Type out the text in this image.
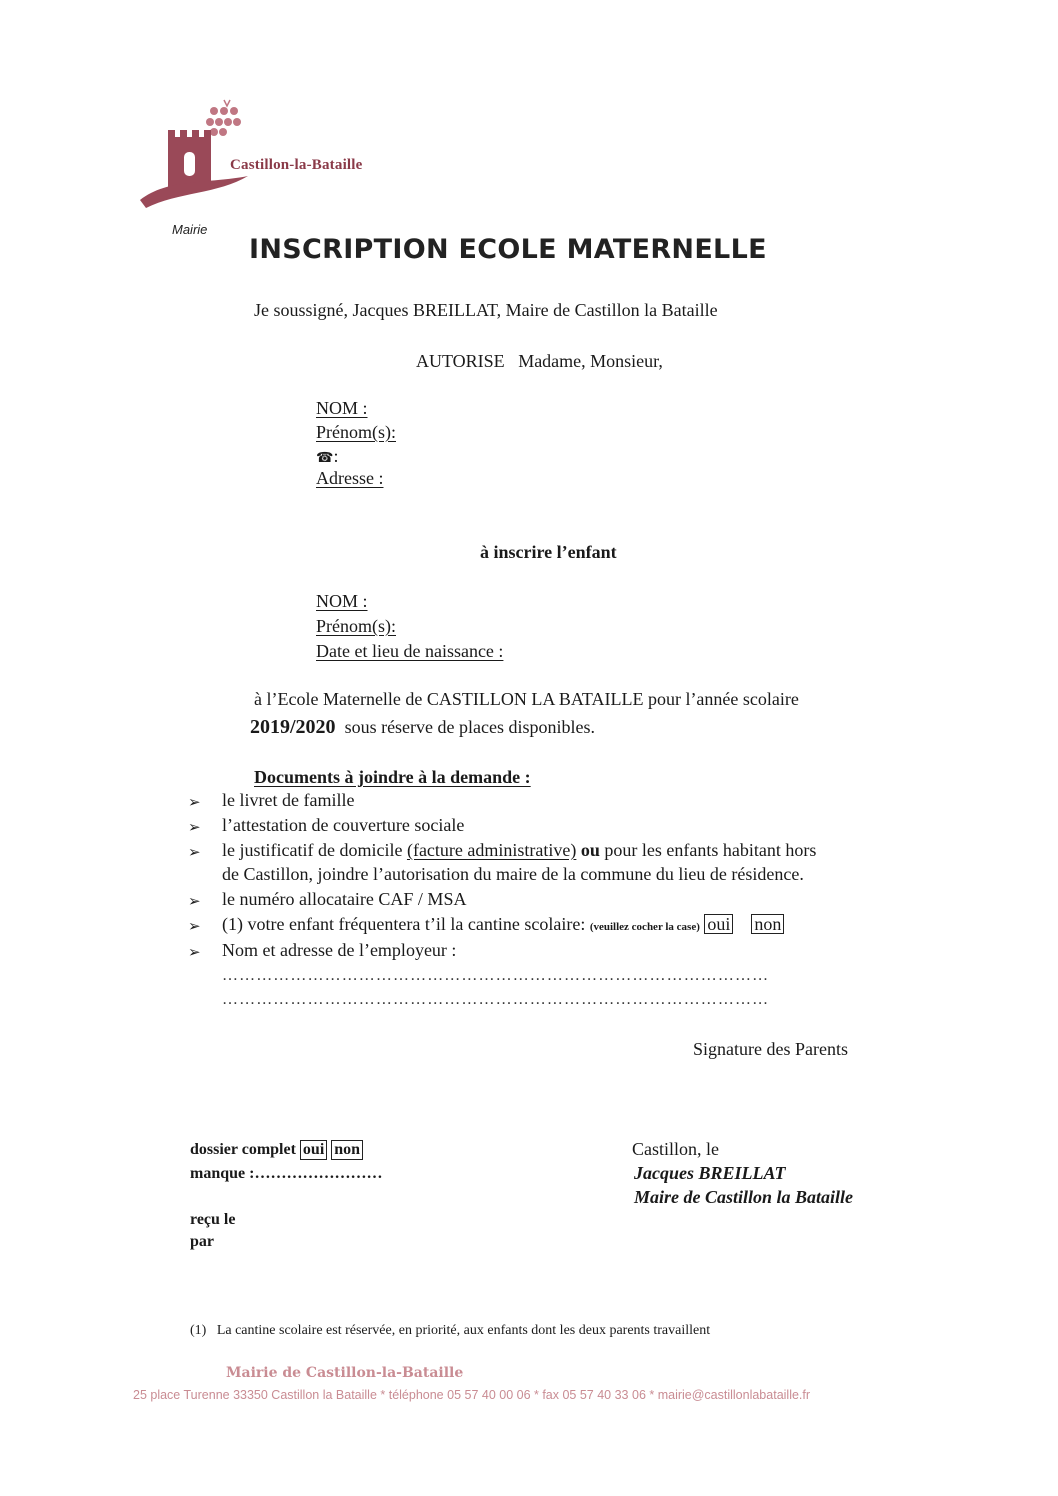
Castillon-la-Bataille
Mairie
INSCRIPTION ECOLE MATERNELLE
Je soussigné, Jacques BREILLAT, Maire de Castillon la Bataille
AUTORISE Madame, Monsieur,
NOM :
Prénom(s):
☎:
Adresse :
à inscrire l’enfant
NOM :
Prénom(s):
Date et lieu de naissance :
à l’Ecole Maternelle de CASTILLON LA BATAILLE pour l’année scolaire
2019/2020 sous réserve de places disponibles.
Documents à joindre à la demande :
➢ le livret de famille
➢ l’attestation de couverture sociale
➢ le justificatif de domicile (facture administrative) ou pour les enfants habitant hors
de Castillon, joindre l’autorisation du maire de la commune du lieu de résidence.
➢ le numéro allocataire CAF / MSA
➢ (1) votre enfant fréquentera t’il la cantine scolaire: (veuillez cocher la case) oui non
➢ Nom et adresse de l’employeur :
……………………………………………………………………………………
……………………………………………………………………………………
Signature des Parents
dossier complet oui non
manque :……………………
reçu le
par
Castillon, le
Jacques BREILLAT
Maire de Castillon la Bataille
(1) La cantine scolaire est réservée, en priorité, aux enfants dont les deux parents travaillent
Mairie de Castillon-la-Bataille
25 place Turenne 33350 Castillon la Bataille * téléphone 05 57 40 00 06 * fax 05 57 40 33 06 * mairie@castillonlabataille.fr
